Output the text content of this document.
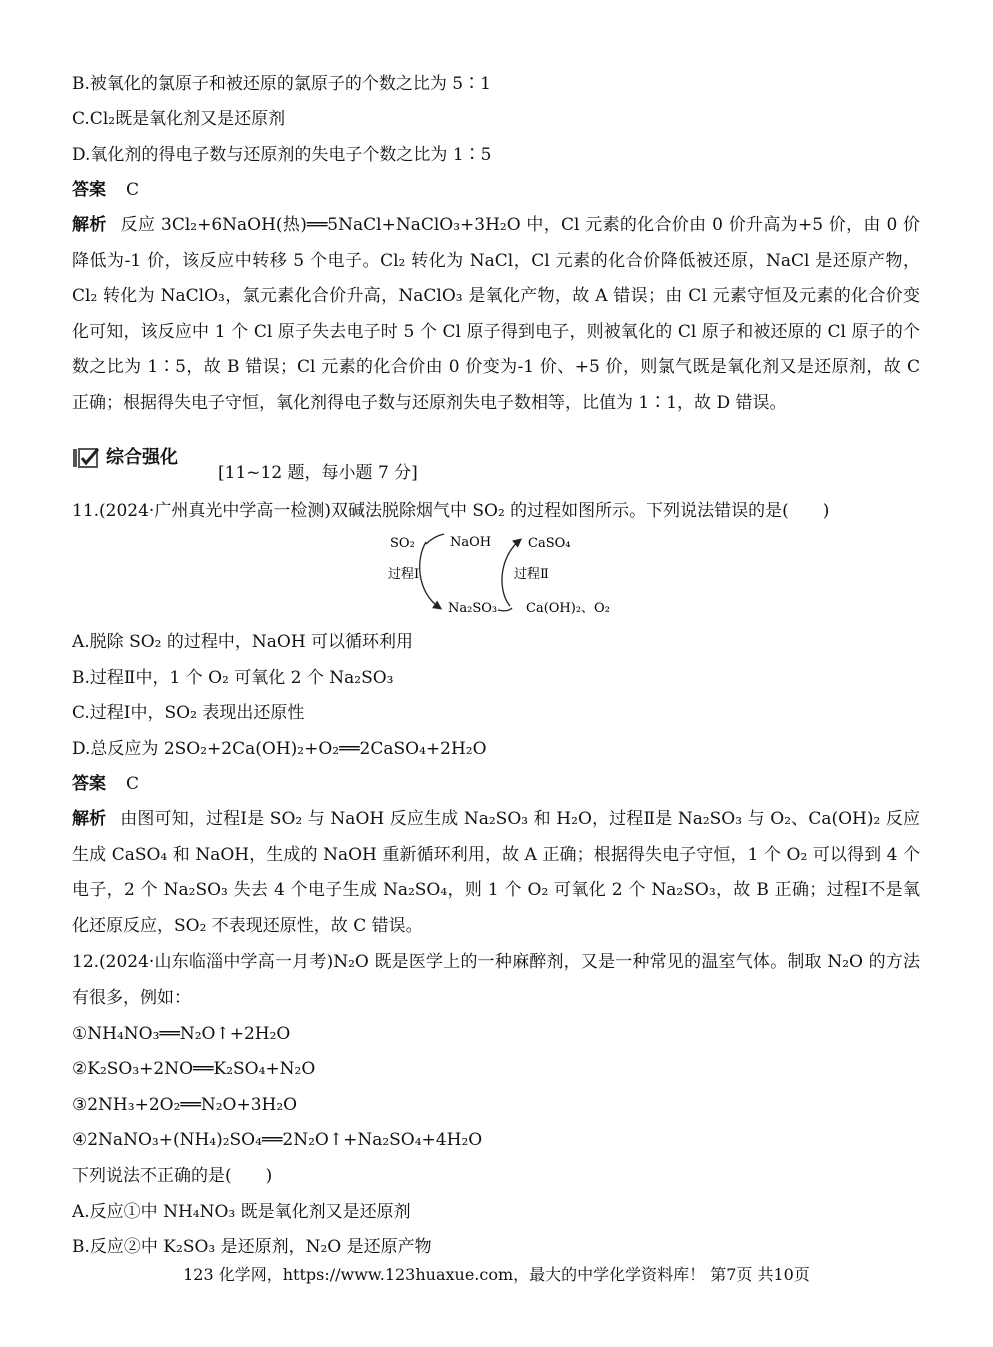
B.被氧化的氯原子和被还原的氯原子的个数之比为 5∶1
C.Cl₂既是氧化剂又是还原剂
D.氧化剂的得电子数与还原剂的失电子个数之比为 1∶5
答案 C
解析 反应 3Cl₂+6NaOH(热)══5NaCl+NaClO₃+3H₂O 中，Cl 元素的化合价由 0 价升高为+5 价，由 0 价降低为-1 价，该反应中转移 5 个电子。Cl₂ 转化为 NaCl，Cl 元素的化合价降低被还原，NaCl 是还原产物，Cl₂ 转化为 NaClO₃，氯元素化合价升高，NaClO₃ 是氧化产物，故 A 错误；由 Cl 元素守恒及元素的化合价变化可知，该反应中 1 个 Cl 原子失去电子时 5 个 Cl 原子得到电子，则被氧化的 Cl 原子和被还原的 Cl 原子的个数之比为 1∶5，故 B 错误；Cl 元素的化合价由 0 价变为-1 价、+5 价，则氯气既是氧化剂又是还原剂，故 C 正确；根据得失电子守恒，氧化剂得电子数与还原剂失电子数相等，比值为 1∶1，故 D 错误。
综合强化
[11~12 题，每小题 7 分]
11.(2024·广州真光中学高一检测)双碱法脱除烟气中 SO₂ 的过程如图所示。下列说法错误的是(　　)
SO₂	NaOH	CaSO₄
过程Ⅰ	过程Ⅱ
Na₂SO₃ Ca(OH)₂、O₂
A.脱除 SO₂ 的过程中，NaOH 可以循环利用
B.过程Ⅱ中，1 个 O₂ 可氧化 2 个 Na₂SO₃
C.过程Ⅰ中，SO₂ 表现出还原性
D.总反应为 2SO₂+2Ca(OH)₂+O₂══2CaSO₄+2H₂O
答案 C
解析 由图可知，过程Ⅰ是 SO₂ 与 NaOH 反应生成 Na₂SO₃ 和 H₂O，过程Ⅱ是 Na₂SO₃ 与 O₂、Ca(OH)₂ 反应生成 CaSO₄ 和 NaOH，生成的 NaOH 重新循环利用，故 A 正确；根据得失电子守恒，1 个 O₂ 可以得到 4 个电子，2 个 Na₂SO₃ 失去 4 个电子生成 Na₂SO₄，则 1 个 O₂ 可氧化 2 个 Na₂SO₃，故 B 正确；过程Ⅰ不是氧化还原反应，SO₂ 不表现还原性，故 C 错误。
12.(2024·山东临淄中学高一月考)N₂O 既是医学上的一种麻醉剂，又是一种常见的温室气体。制取 N₂O 的方法有很多，例如：
①NH₄NO₃══N₂O↑+2H₂O
②K₂SO₃+2NO══K₂SO₄+N₂O
③2NH₃+2O₂══N₂O+3H₂O
④2NaNO₃+(NH₄)₂SO₄══2N₂O↑+Na₂SO₄+4H₂O
下列说法不正确的是(　　)
A.反应①中 NH₄NO₃ 既是氧化剂又是还原剂
B.反应②中 K₂SO₃ 是还原剂，N₂O 是还原产物
123 化学网，https://www.123huaxue.com，最大的中学化学资料库！ 第7页 共10页
